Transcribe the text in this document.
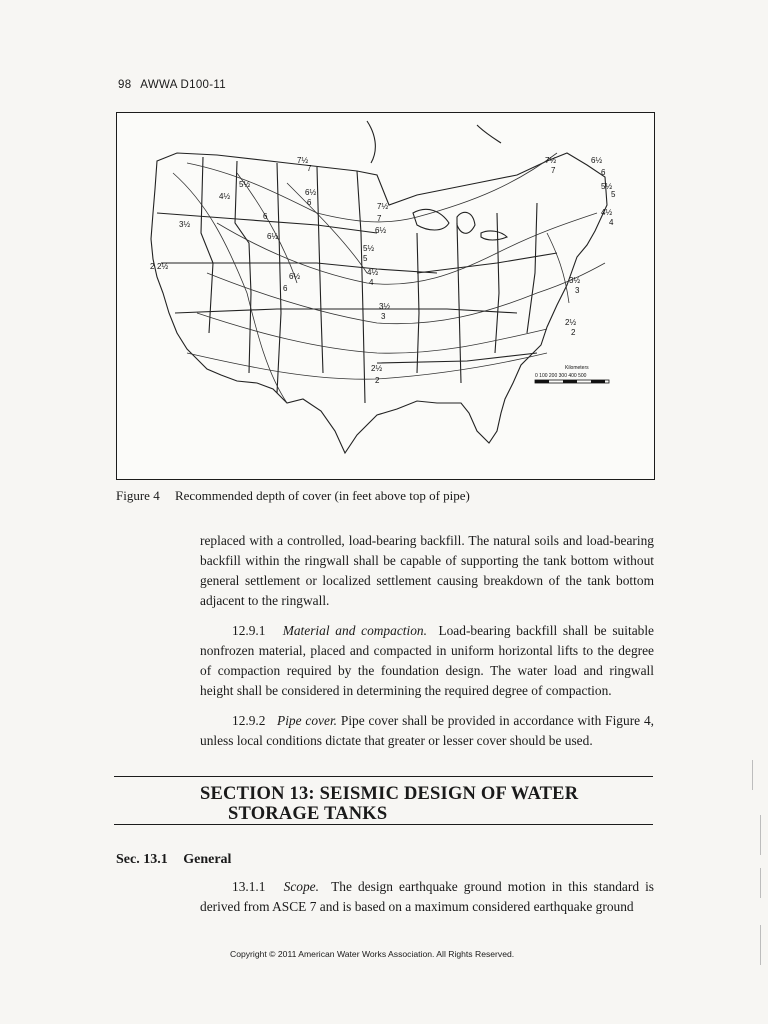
98 AWWA D100-11
5½
4½
3½
2½
2
6
6½
6½
6
6½
6
7½
7
7½
7
6½
5½
5
4½
4
3½
3
2½
2
7½
7
6½
6
5½
5
4½
4
3½
3
2½
2
Kilometers
0 100 200 300 400 500
Figure 4 Recommended depth of cover (in feet above top of pipe)
replaced with a controlled, load-bearing backfill. The natural soils and load-bearing backfill within the ringwall shall be capable of supporting the tank bottom without general settlement or localized settlement causing breakdown of the tank bottom adjacent to the ringwall.
12.9.1 Material and compaction. Load-bearing backfill shall be suitable nonfrozen material, placed and compacted in uniform horizontal lifts to the degree of compaction required by the foundation design. The water load and ringwall height shall be considered in determining the required degree of compaction.
12.9.2 Pipe cover. Pipe cover shall be provided in accordance with Figure 4, unless local conditions dictate that greater or lesser cover should be used.
SECTION 13: SEISMIC DESIGN OF WATER
STORAGE TANKS
Sec. 13.1 General
13.1.1 Scope. The design earthquake ground motion in this standard is derived from ASCE 7 and is based on a maximum considered earthquake ground
Copyright © 2011 American Water Works Association. All Rights Reserved.
